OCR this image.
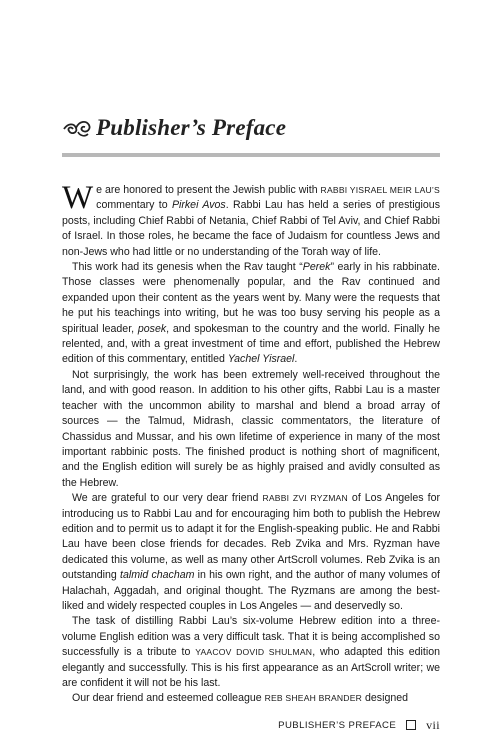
Publisher’s Preface

We are honored to present the Jewish public with RABBI YISRAEL MEIR LAU’S commentary to Pirkei Avos. Rabbi Lau has held a series of prestigious posts, including Chief Rabbi of Netania, Chief Rabbi of Tel Aviv, and Chief Rabbi of Israel. In those roles, he became the face of Judaism for countless Jews and non-Jews who had little or no understanding of the Torah way of life.

This work had its genesis when the Rav taught “Perek” early in his rabbinate. Those classes were phenomenally popular, and the Rav continued and expanded upon their content as the years went by. Many were the requests that he put his teachings into writing, but he was too busy serving his people as a spiritual leader, posek, and spokesman to the country and the world. Finally he relented, and, with a great investment of time and effort, published the Hebrew edition of this commentary, entitled Yachel Yisrael.

Not surprisingly, the work has been extremely well-received throughout the land, and with good reason. In addition to his other gifts, Rabbi Lau is a master teacher with the uncommon ability to marshal and blend a broad array of sources — the Talmud, Midrash, classic commentators, the literature of Chassidus and Mussar, and his own lifetime of experience in many of the most important rabbinic posts. The finished product is nothing short of magnificent, and the English edition will surely be as highly praised and avidly consulted as the Hebrew.

We are grateful to our very dear friend RABBI ZVI RYZMAN of Los Angeles for introducing us to Rabbi Lau and for encouraging him both to publish the Hebrew edition and to permit us to adapt it for the English-speaking public. He and Rabbi Lau have been close friends for decades. Reb Zvika and Mrs. Ryzman have dedicated this volume, as well as many other ArtScroll volumes. Reb Zvika is an outstanding talmid chacham in his own right, and the author of many volumes of Halachah, Aggadah, and original thought. The Ryzmans are among the best-liked and widely respected couples in Los Angeles — and deservedly so.

The task of distilling Rabbi Lau’s six-volume Hebrew edition into a three-volume English edition was a very difficult task. That it is being accomplished so successfully is a tribute to YAACOV DOVID SHULMAN, who adapted this edition elegantly and successfully. This is his first appearance as an ArtScroll writer; we are confident it will not be his last.

Our dear friend and esteemed colleague REB SHEAH BRANDER designed

PUBLISHER’S PREFACE	vii
